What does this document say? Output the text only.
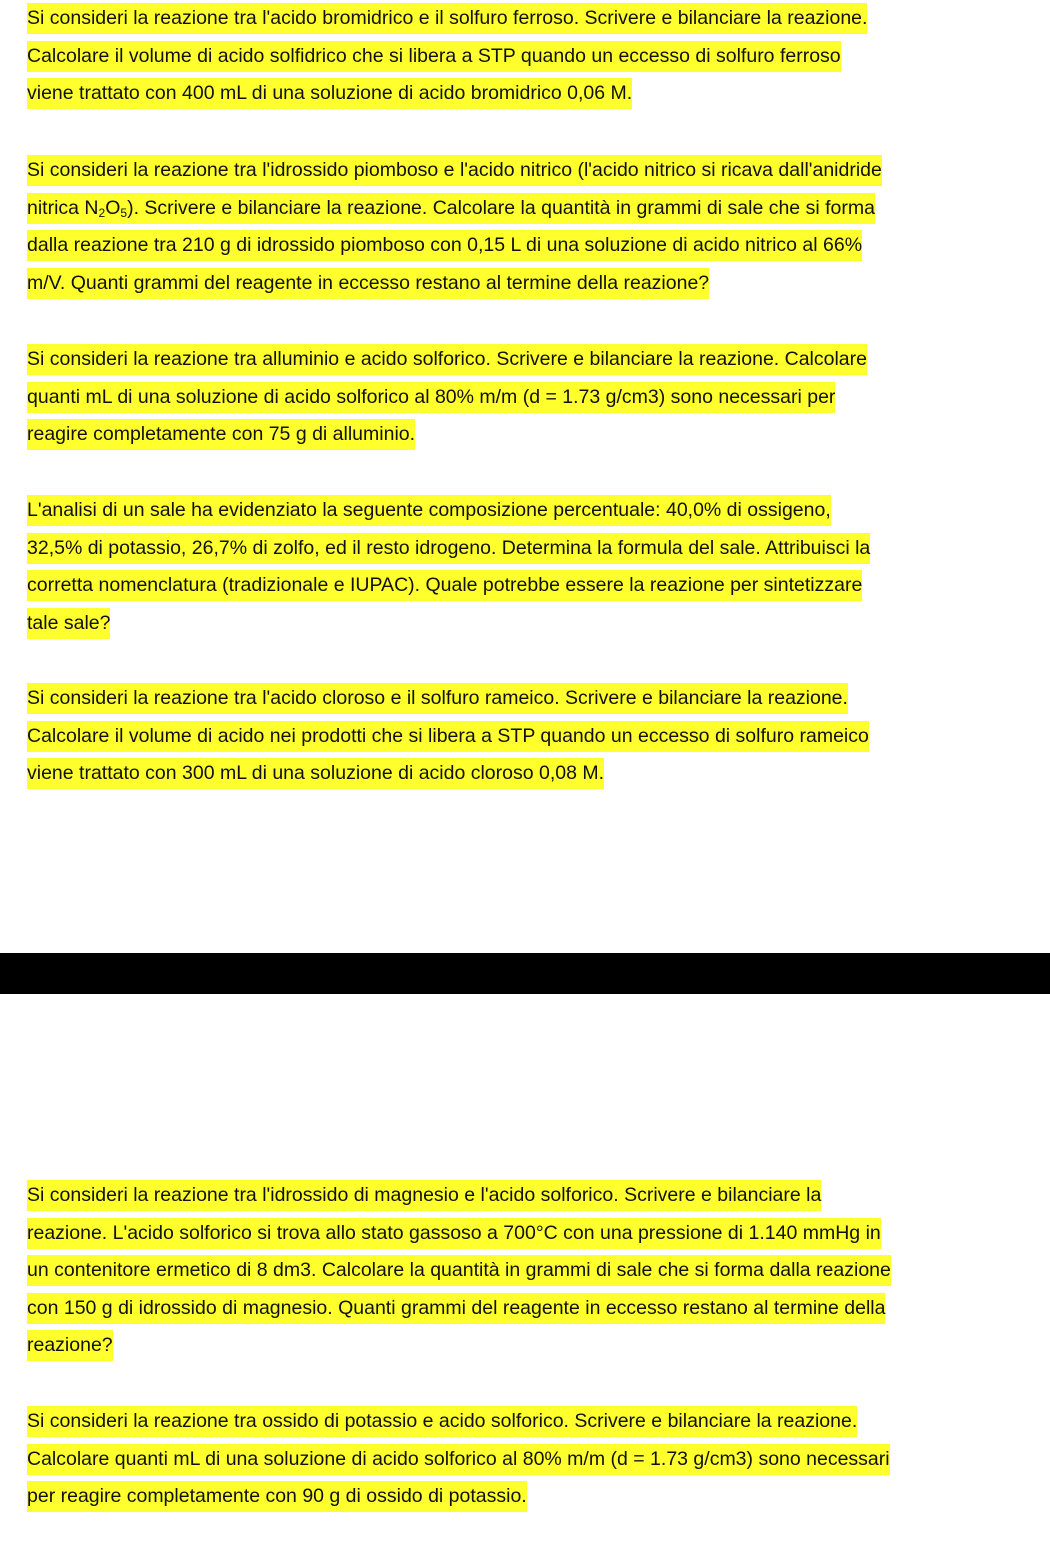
Si consideri la reazione tra l'acido bromidrico e il solfuro ferroso. Scrivere e bilanciare la reazione.
Calcolare il volume di acido solfidrico che si libera a STP quando un eccesso di solfuro ferroso
viene trattato con 400 mL di una soluzione di acido bromidrico 0,06 M.
Si consideri la reazione tra l'idrossido piomboso e l'acido nitrico (l'acido nitrico si ricava dall'anidride
nitrica $N_2O_5$). Scrivere e bilanciare la reazione. Calcolare la quantità in grammi di sale che si forma
dalla reazione tra 210 g di idrossido piomboso con 0,15 L di una soluzione di acido nitrico al 66%
m/V. Quanti grammi del reagente in eccesso restano al termine della reazione?
Si consideri la reazione tra alluminio e acido solforico. Scrivere e bilanciare la reazione. Calcolare
quanti mL di una soluzione di acido solforico al 80% m/m (d = 1.73 g/cm3) sono necessari per
reagire completamente con 75 g di alluminio.
L'analisi di un sale ha evidenziato la seguente composizione percentuale: 40,0% di ossigeno,
32,5% di potassio, 26,7% di zolfo, ed il resto idrogeno. Determina la formula del sale. Attribuisci la
corretta nomenclatura (tradizionale e IUPAC). Quale potrebbe essere la reazione per sintetizzare
tale sale?
Si consideri la reazione tra l'acido cloroso e il solfuro rameico. Scrivere e bilanciare la reazione.
Calcolare il volume di acido nei prodotti che si libera a STP quando un eccesso di solfuro rameico
viene trattato con 300 mL di una soluzione di acido cloroso 0,08 M.
Si consideri la reazione tra l'idrossido di magnesio e l'acido solforico. Scrivere e bilanciare la
reazione. L'acido solforico si trova allo stato gassoso a 700°C con una pressione di 1.140 mmHg in
un contenitore ermetico di 8 dm3. Calcolare la quantità in grammi di sale che si forma dalla reazione
con 150 g di idrossido di magnesio. Quanti grammi del reagente in eccesso restano al termine della
reazione?
Si consideri la reazione tra ossido di potassio e acido solforico. Scrivere e bilanciare la reazione.
Calcolare quanti mL di una soluzione di acido solforico al 80% m/m (d = 1.73 g/cm3) sono necessari
per reagire completamente con 90 g di ossido di potassio.
